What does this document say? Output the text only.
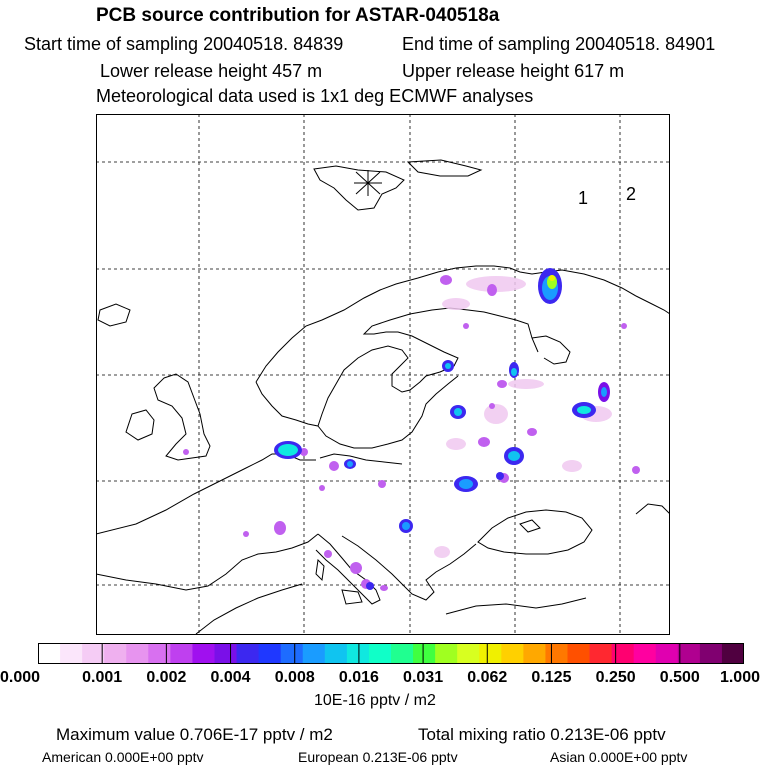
PCB source contribution for ASTAR-040518a
Start time of sampling 20040518. 84839	End time of sampling 20040518. 84901
Lower release height 457 m	Upper release height 617 m
Meteorological data used is 1x1 deg ECMWF analyses
1 2
0.000	0.001 0.002 0.004 0.008 0.016 0.031 0.062 0.125 0.250 0.500 1.000
10E-16 pptv / m2
Maximum value 0.706E-17 pptv / m2	Total mixing ratio 0.213E-06 pptv
American 0.000E+00 pptv	European 0.213E-06 pptv	Asian 0.000E+00 pptv
